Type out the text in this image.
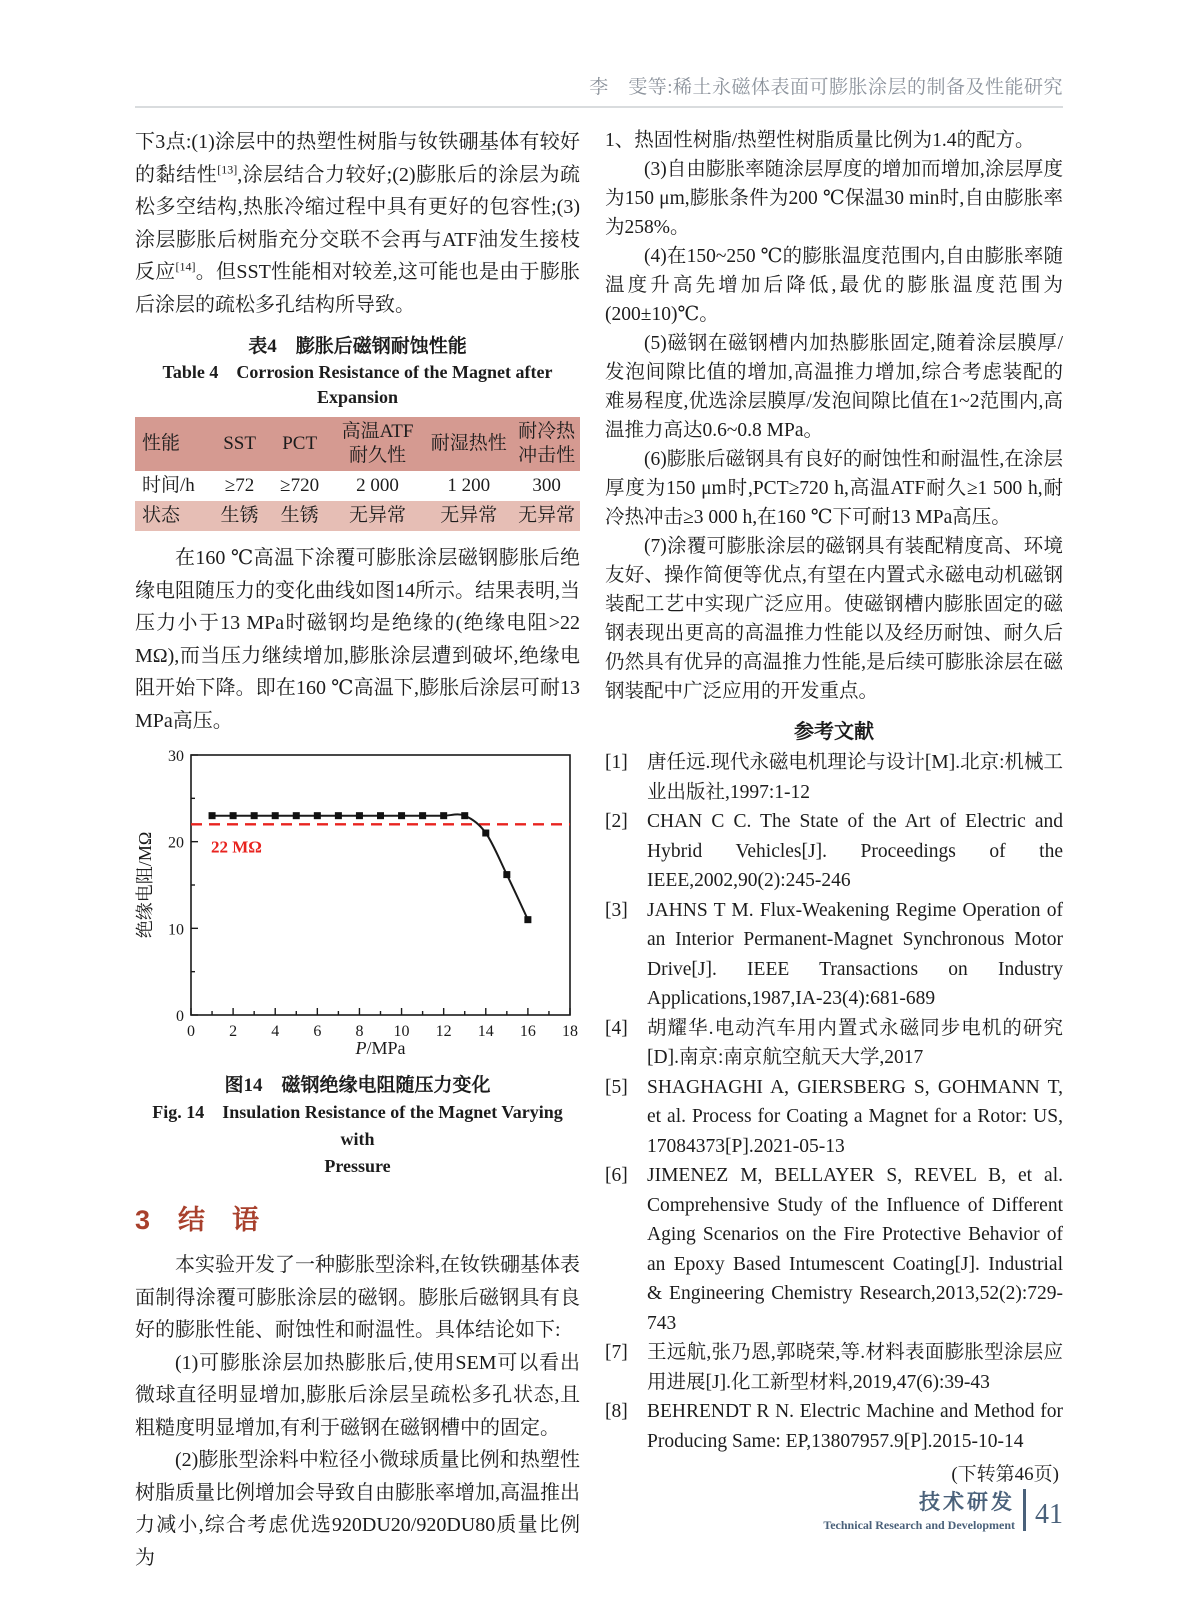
李　雯等:稀土永磁体表面可膨胀涂层的制备及性能研究

下3点:(1)涂层中的热塑性树脂与钕铁硼基体有较好的黏结性[13],涂层结合力较好;(2)膨胀后的涂层为疏松多空结构,热胀冷缩过程中具有更好的包容性;(3)涂层膨胀后树脂充分交联不会再与ATF油发生接枝反应[14]。但SST性能相对较差,这可能也是由于膨胀后涂层的疏松多孔结构所导致。

表4　膨胀后磁钢耐蚀性能
Table 4　Corrosion Resistance of the Magnet after
Expansion
性能	SST	PCT	高温ATF 耐久性	耐湿热性	耐冷热 冲击性
时间/h	≥72	≥720	2 000	1 200	300
状态	生锈	生锈	无异常	无异常	无异常

在160 ℃高温下涂覆可膨胀涂层磁钢膨胀后绝缘电阻随压力的变化曲线如图14所示。结果表明,当压力小于13 MPa时磁钢均是绝缘的(绝缘电阻>22 MΩ),而当压力继续增加,膨胀涂层遭到破坏,绝缘电阻开始下降。即在160 ℃高温下,膨胀后涂层可耐13 MPa高压。

0 2 4 6 8 10 12 14 16 18
0
10
20
30
22 MΩ
P/MPa
绝缘电阻/MΩ
图14　磁钢绝缘电阻随压力变化
Fig. 14　Insulation Resistance of the Magnet Varying with
Pressure
3 结　语

本实验开发了一种膨胀型涂料,在钕铁硼基体表面制得涂覆可膨胀涂层的磁钢。膨胀后磁钢具有良好的膨胀性能、耐蚀性和耐温性。具体结论如下:

(1)可膨胀涂层加热膨胀后,使用SEM可以看出微球直径明显增加,膨胀后涂层呈疏松多孔状态,且粗糙度明显增加,有利于磁钢在磁钢槽中的固定。

(2)膨胀型涂料中粒径小微球质量比例和热塑性树脂质量比例增加会导致自由膨胀率增加,高温推出力减小,综合考虑优选920DU20/920DU80质量比例为

1、热固性树脂/热塑性树脂质量比例为1.4的配方。

(3)自由膨胀率随涂层厚度的增加而增加,涂层厚度为150 μm,膨胀条件为200 ℃保温30 min时,自由膨胀率为258%。

(4)在150~250 ℃的膨胀温度范围内,自由膨胀率随温度升高先增加后降低,最优的膨胀温度范围为(200±10)℃。

(5)磁钢在磁钢槽内加热膨胀固定,随着涂层膜厚/发泡间隙比值的增加,高温推力增加,综合考虑装配的难易程度,优选涂层膜厚/发泡间隙比值在1~2范围内,高温推力高达0.6~0.8 MPa。

(6)膨胀后磁钢具有良好的耐蚀性和耐温性,在涂层厚度为150 μm时,PCT≥720 h,高温ATF耐久≥1 500 h,耐冷热冲击≥3 000 h,在160 ℃下可耐13 MPa高压。

(7)涂覆可膨胀涂层的磁钢具有装配精度高、环境友好、操作简便等优点,有望在内置式永磁电动机磁钢装配工艺中实现广泛应用。使磁钢槽内膨胀固定的磁钢表现出更高的高温推力性能以及经历耐蚀、耐久后仍然具有优异的高温推力性能,是后续可膨胀涂层在磁钢装配中广泛应用的开发重点。

参考文献
[1] 唐任远.现代永磁电机理论与设计[M].北京:机械工业出版社,1997:1-12
[2] CHAN C C. The State of the Art of Electric and Hybrid Vehicles[J]. Proceedings of the IEEE,2002,90(2):245-246
[3] JAHNS T M. Flux-Weakening Regime Operation of an Interior Permanent-Magnet Synchronous Motor Drive[J]. IEEE Transactions on Industry Applications,1987,IA-23(4):681-689
[4] 胡耀华.电动汽车用内置式永磁同步电机的研究[D].南京:南京航空航天大学,2017
[5] SHAGHAGHI A, GIERSBERG S, GOHMANN T, et al. Process for Coating a Magnet for a Rotor: US, 17084373[P].2021-05-13
[6] JIMENEZ M, BELLAYER S, REVEL B, et al. Comprehensive Study of the Influence of Different Aging Scenarios on the Fire Protective Behavior of an Epoxy Based Intumescent Coating[J]. Industrial & Engineering Chemistry Research,2013,52(2):729-743
[7] 王远航,张乃恩,郭晓荣,等.材料表面膨胀型涂层应用进展[J].化工新型材料,2019,47(6):39-43
[8] BEHRENDT R N. Electric Machine and Method for Producing Same: EP,13807957.9[P].2015-10-14
(下转第46页)
技术研发
Technical Research and Development 41
